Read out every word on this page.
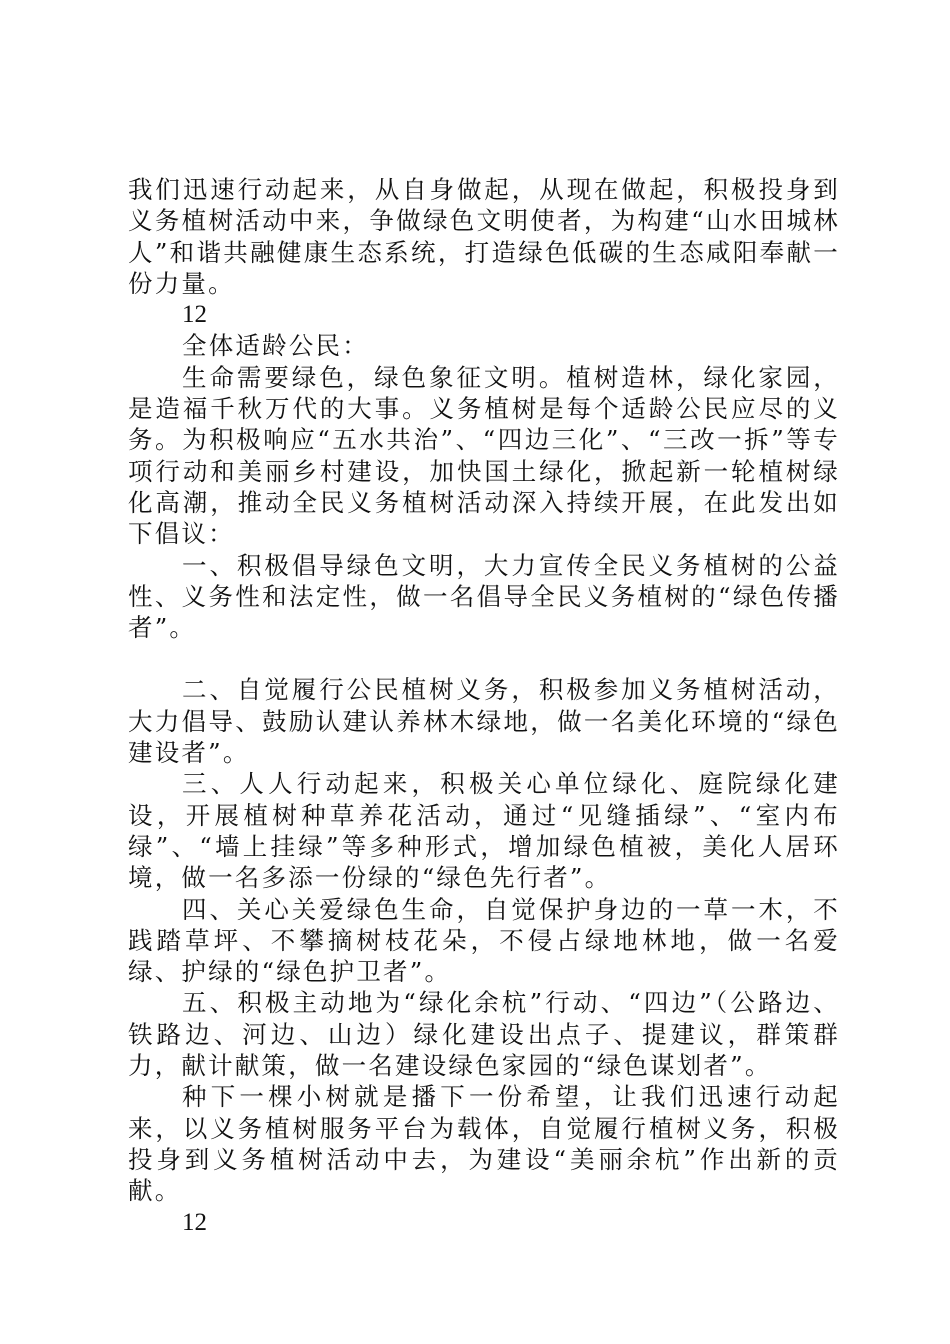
我们迅速行动起来，从自身做起，从现在做起，积极投身到义务植树活动中来，争做绿色文明使者，为构建“山水田城林人”和谐共融健康生态系统，打造绿色低碳的生态咸阳奉献一份力量。

12

全体适龄公民：

生命需要绿色，绿色象征文明。植树造林，绿化家园，是造福千秋万代的大事。义务植树是每个适龄公民应尽的义务。为积极响应“五水共治”、“四边三化”、“三改一拆”等专项行动和美丽乡村建设，加快国土绿化，掀起新一轮植树绿化高潮，推动全民义务植树活动深入持续开展，在此发出如下倡议：

一、积极倡导绿色文明，大力宣传全民义务植树的公益性、义务性和法定性，做一名倡导全民义务植树的“绿色传播者”。

二、自觉履行公民植树义务，积极参加义务植树活动，大力倡导、鼓励认建认养林木绿地，做一名美化环境的“绿色建设者”。

三、人人行动起来，积极关心单位绿化、庭院绿化建设，开展植树种草养花活动，通过“见缝插绿”、“室内布绿”、“墙上挂绿”等多种形式，增加绿色植被，美化人居环境，做一名多添一份绿的“绿色先行者”。

四、关心关爱绿色生命，自觉保护身边的一草一木，不践踏草坪、不攀摘树枝花朵，不侵占绿地林地，做一名爱绿、护绿的“绿色护卫者”。

五、积极主动地为“绿化余杭”行动、“四边”（公路边、铁路边、河边、山边）绿化建设出点子、提建议，群策群力，献计献策，做一名建设绿色家园的“绿色谋划者”。

种下一棵小树就是播下一份希望，让我们迅速行动起来，以义务植树服务平台为载体，自觉履行植树义务，积极投身到义务植树活动中去，为建设“美丽余杭”作出新的贡献。

12
